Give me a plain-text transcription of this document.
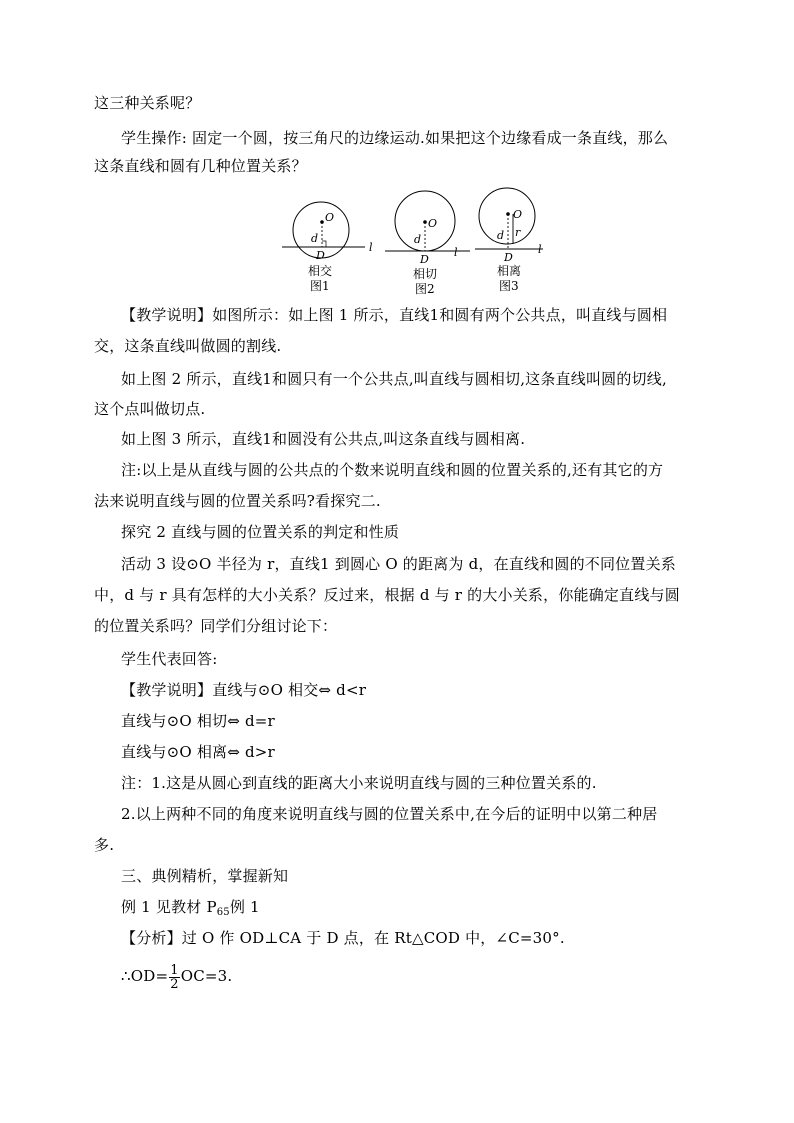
这三种关系呢？
学生操作: 固定一个圆，按三角尺的边缘运动.如果把这个边缘看成一条直线，那么
这条直线和圆有几种位置关系？
O
d
D
l
相交
图1
O
d
D
l
相切
图2
O
d r
D
l
相离
图3
【教学说明】如图所示：如上图 1 所示，直线1和圆有两个公共点，叫直线与圆相
交，这条直线叫做圆的割线.
如上图 2 所示，直线1和圆只有一个公共点,叫直线与圆相切,这条直线叫圆的切线,
这个点叫做切点.
如上图 3 所示，直线1和圆没有公共点,叫这条直线与圆相离.
注:以上是从直线与圆的公共点的个数来说明直线和圆的位置关系的,还有其它的方
法来说明直线与圆的位置关系吗?看探究二.
探究 2 直线与圆的位置关系的判定和性质
活动 3 设⊙O 半径为 r，直线1 到圆心 O 的距离为 d，在直线和圆的不同位置关系
中，d 与 r 具有怎样的大小关系？反过来，根据 d 与 r 的大小关系，你能确定直线与圆
的位置关系吗？同学们分组讨论下：
学生代表回答:
【教学说明】直线与⊙O 相交⇔ d<r
直线与⊙O 相切⇔ d=r
直线与⊙O 相离⇔ d>r
注：1.这是从圆心到直线的距离大小来说明直线与圆的三种位置关系的.
2.以上两种不同的角度来说明直线与圆的位置关系中,在今后的证明中以第二种居
多.
三、典例精析，掌握新知
例 1 见教材 $P_{65}$例 1
【分析】过 O 作 OD⊥CA 于 D 点，在 Rt△COD 中，∠C=30°.
∴OD= $\frac{1}{2} OC=3$.
